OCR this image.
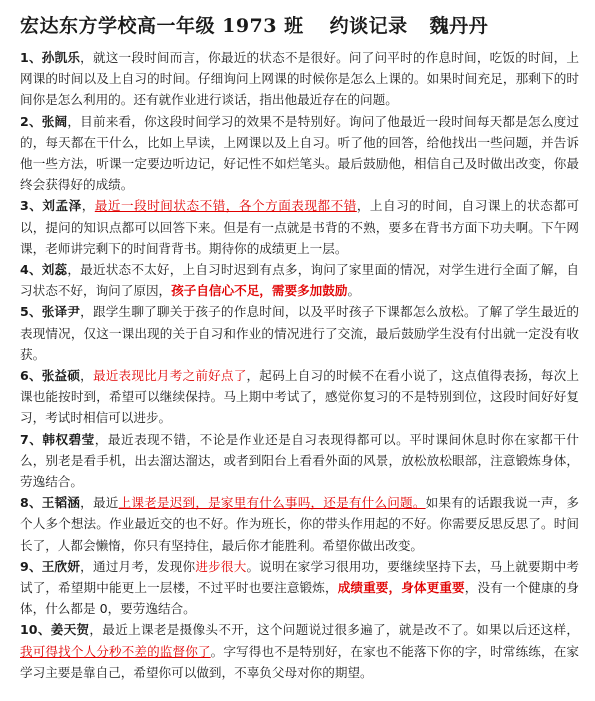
宏达东方学校高一年级 1973 班 约谈记录 魏丹丹

1、孙凯乐，就这一段时间而言，你最近的状态不是很好。问了问平时的作息时间，吃饭的时间，上网课的时间以及上自习的时间。仔细询问上网课的时候你是怎么上课的。如果时间充足，那剩下的时间你是怎么利用的。还有就作业进行谈话，指出他最近存在的问题。

2、张阔，目前来看，你这段时间学习的效果不是特别好。询问了他最近一段时间每天都是怎么度过的，每天都在干什么，比如上早读，上网课以及上自习。听了他的回答，给他找出一些问题，并告诉他一些方法，听课一定要边听边记，好记性不如烂笔头。最后鼓励他，相信自己及时做出改变，你最终会获得好的成绩。

3、刘孟泽，最近一段时间状态不错，各个方面表现都不错，上自习的时间，自习课上的状态都可以，提问的知识点都可以回答下来。但是有一点就是书背的不熟，要多在背书方面下功夫啊。下午网课，老师讲完剩下的时间背背书。期待你的成绩更上一层。

4、刘蕊，最近状态不太好，上自习时迟到有点多，询问了家里面的情况，对学生进行全面了解，自习状态不好，询问了原因，孩子自信心不足，需要多加鼓励。

5、张译尹，跟学生聊了聊关于孩子的作息时间，以及平时孩子下课都怎么放松。了解了学生最近的表现情况，仅这一课出现的关于自习和作业的情况进行了交流，最后鼓励学生没有付出就一定没有收获。

6、张益硕，最近表现比月考之前好点了，起码上自习的时候不在看小说了，这点值得表扬，每次上课也能按时到，希望可以继续保持。马上期中考试了，感觉你复习的不是特别到位，这段时间好好复习，考试时相信可以进步。

7、韩权碧莹，最近表现不错，不论是作业还是自习表现得都可以。平时课间休息时你在家都干什么，别老是看手机，出去溜达溜达，或者到阳台上看看外面的风景，放松放松眼部，注意锻炼身体，劳逸结合。

8、王韬涵，最近上课老是迟到，是家里有什么事吗，还是有什么问题。如果有的话跟我说一声，多个人多个想法。作业最近交的也不好。作为班长，你的带头作用起的不好。你需要反思反思了。时间长了，人都会懒惰，你只有坚持住，最后你才能胜利。希望你做出改变。

9、王欣妍，通过月考，发现你进步很大。说明在家学习很用功，要继续坚持下去，马上就要期中考试了，希望期中能更上一层楼，不过平时也要注意锻炼，成绩重要，身体更重要，没有一个健康的身体，什么都是 0，要劳逸结合。

10、姜天贺，最近上课老是摄像头不开，这个问题说过很多遍了，就是改不了。如果以后还这样，我可得找个人分秒不差的监督你了。字写得也不是特别好，在家也不能落下你的字，时常练练，在家学习主要是靠自己，希望你可以做到，不辜负父母对你的期望。
